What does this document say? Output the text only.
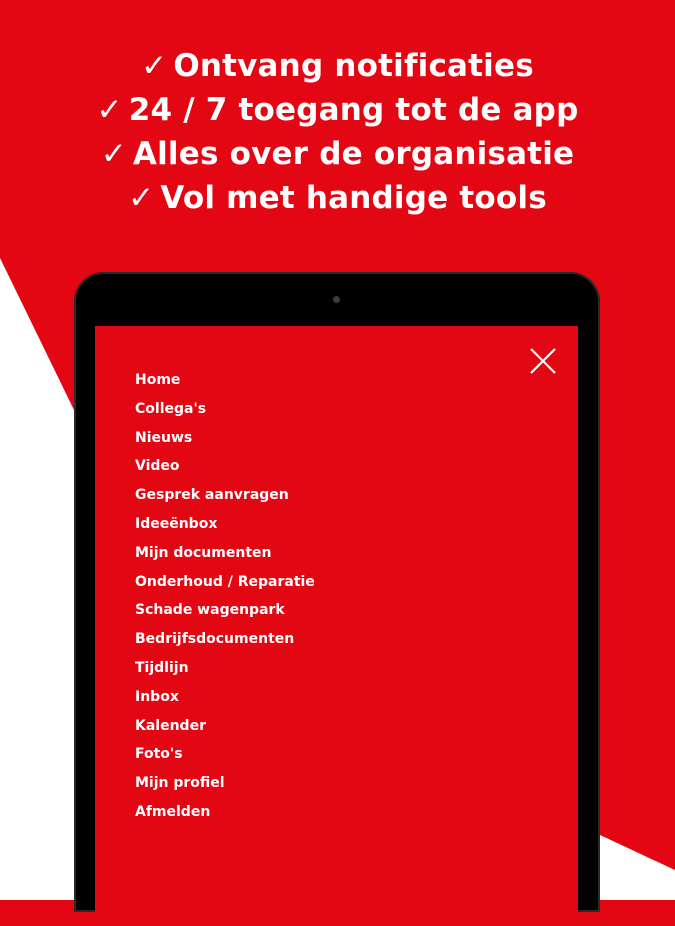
✓ Ontvang notificaties
✓ 24 / 7 toegang tot de app
✓ Alles over de organisatie
✓ Vol met handige tools
Home
Collega's
Nieuws
Video
Gesprek aanvragen
Ideeënbox
Mijn documenten
Onderhoud / Reparatie
Schade wagenpark
Bedrijfsdocumenten
Tijdlijn
Inbox
Kalender
Foto's
Mijn profiel
Afmelden
